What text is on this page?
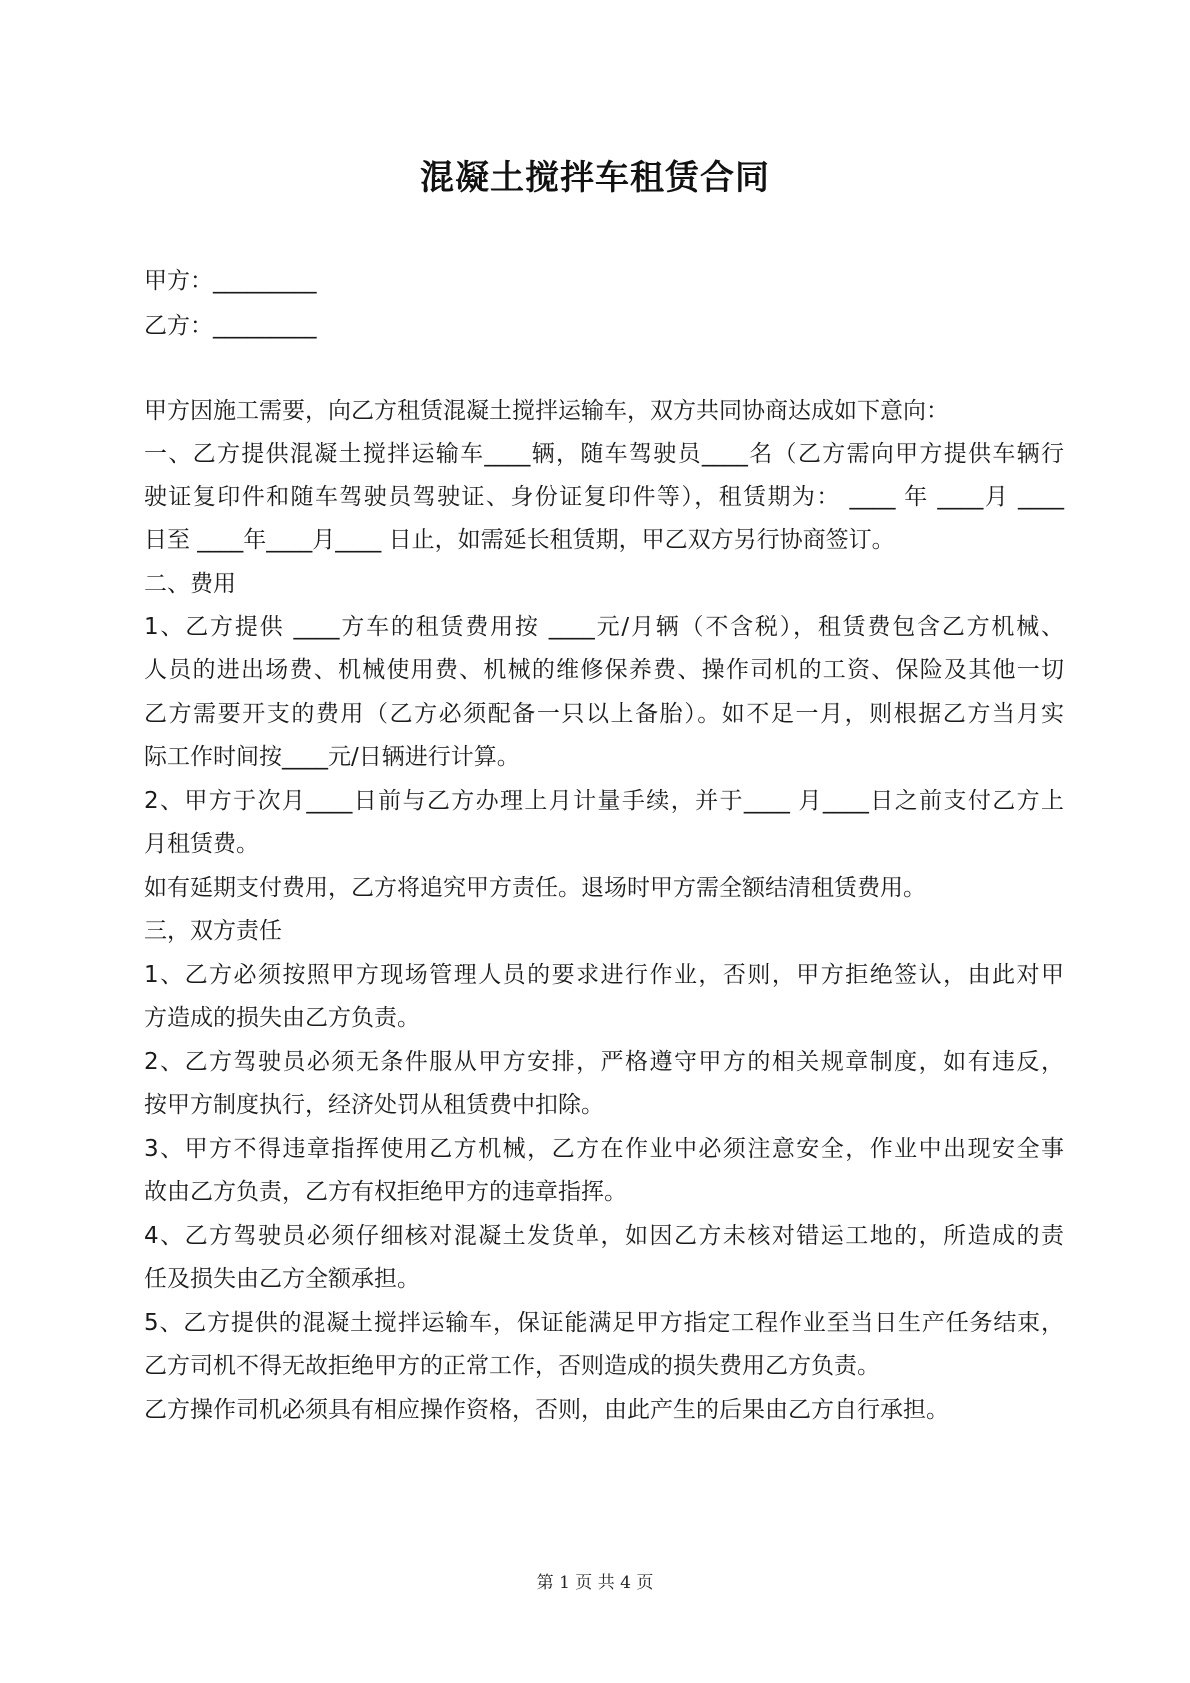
混凝土搅拌车租赁合同
甲方：_________
乙方：_________
甲方因施工需要，向乙方租赁混凝土搅拌运输车，双方共同协商达成如下意向：
一、乙方提供混凝土搅拌运输车____辆，随车驾驶员____名（乙方需向甲方提供车辆行
驶证复印件和随车驾驶员驾驶证、身份证复印件等），租赁期为： ____ 年 ____月 ____
日至 ____年____月____ 日止，如需延长租赁期，甲乙双方另行协商签订。
二、费用
1、乙方提供 ____方车的租赁费用按 ____元/月辆（不含税），租赁费包含乙方机械、
人员的进出场费、机械使用费、机械的维修保养费、操作司机的工资、保险及其他一切
乙方需要开支的费用（乙方必须配备一只以上备胎）。如不足一月，则根据乙方当月实
际工作时间按____元/日辆进行计算。
2、甲方于次月____日前与乙方办理上月计量手续，并于____ 月____日之前支付乙方上
月租赁费。
如有延期支付费用，乙方将追究甲方责任。退场时甲方需全额结清租赁费用。
三，双方责任
1、乙方必须按照甲方现场管理人员的要求进行作业，否则，甲方拒绝签认，由此对甲
方造成的损失由乙方负责。
2、乙方驾驶员必须无条件服从甲方安排，严格遵守甲方的相关规章制度，如有违反，
按甲方制度执行，经济处罚从租赁费中扣除。
3、甲方不得违章指挥使用乙方机械，乙方在作业中必须注意安全，作业中出现安全事
故由乙方负责，乙方有权拒绝甲方的违章指挥。
4、乙方驾驶员必须仔细核对混凝土发货单，如因乙方未核对错运工地的，所造成的责
任及损失由乙方全额承担。
5、乙方提供的混凝土搅拌运输车，保证能满足甲方指定工程作业至当日生产任务结束，
乙方司机不得无故拒绝甲方的正常工作，否则造成的损失费用乙方负责。
乙方操作司机必须具有相应操作资格，否则，由此产生的后果由乙方自行承担。
第 1 页 共 4 页
